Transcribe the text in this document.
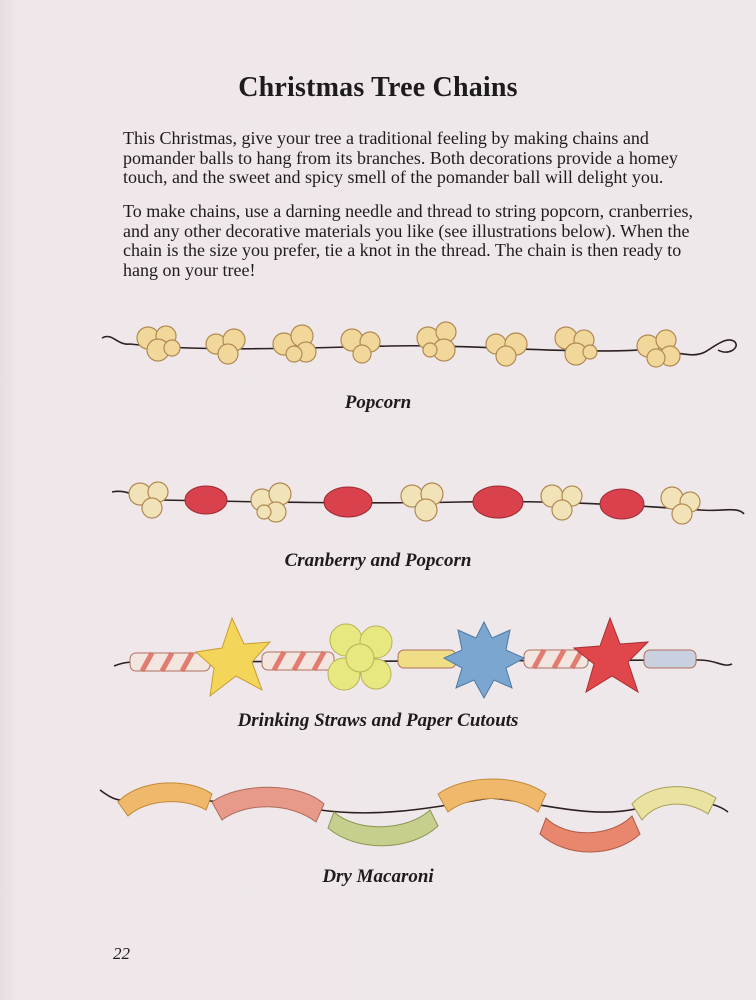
Christmas Tree Chains
This Christmas, give your tree a traditional feeling by making chains and pomander balls to hang from its branches. Both decorations provide a homey touch, and the sweet and spicy smell of the pomander ball will delight you.
To make chains, use a darning needle and thread to string popcorn, cranberries, and any other decorative materials you like (see illustrations below). When the chain is the size you prefer, tie a knot in the thread. The chain is then ready to hang on your tree!
Popcorn
Cranberry and Popcorn
Drinking Straws and Paper Cutouts
Dry Macaroni
22
